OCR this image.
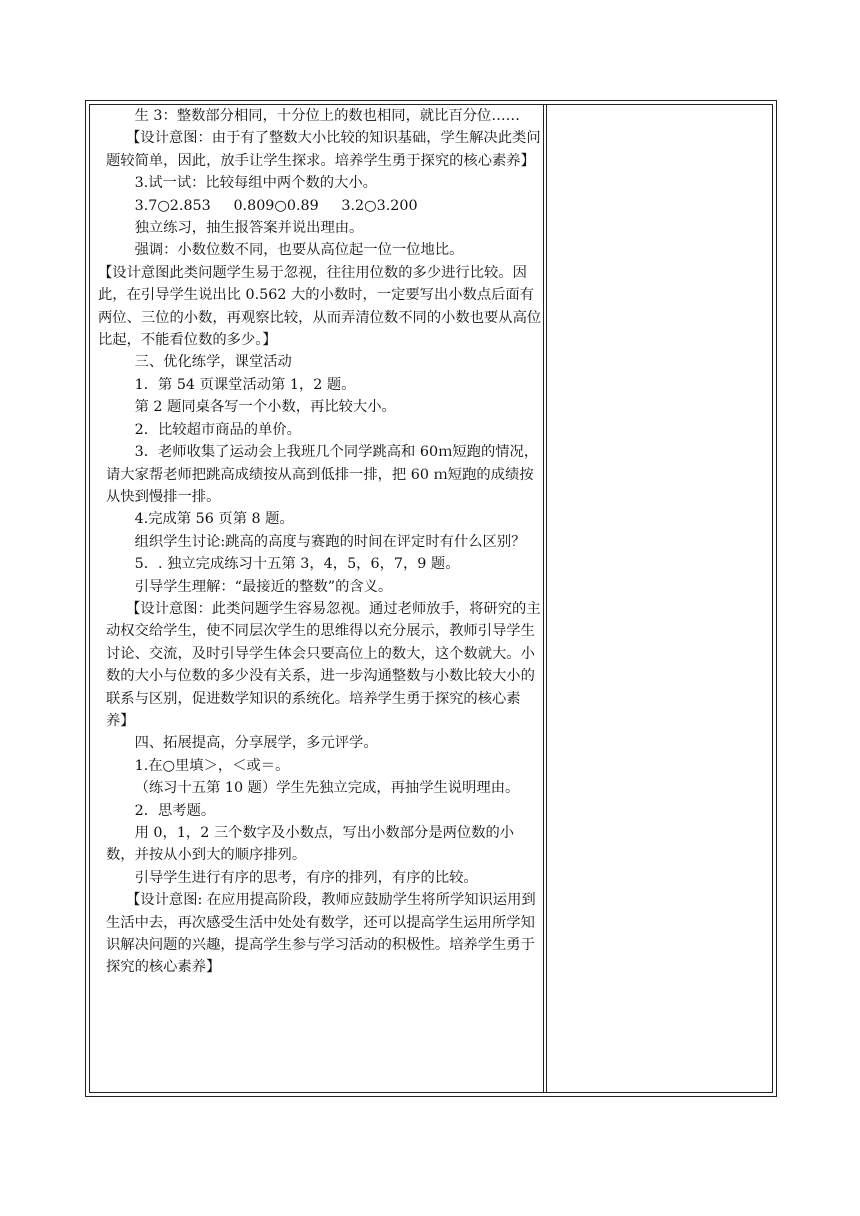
生 3：整数部分相同，十分位上的数也相同，就比百分位……
【设计意图：由于有了整数大小比较的知识基础，学生解决此类问题较简单，因此，放手让学生探求。培养学生勇于探究的核心素养】
3.试一试：比较每组中两个数的大小。
3.7○2.853     0.809○0.89     3.2○3.200
独立练习，抽生报答案并说出理由。
强调：小数位数不同，也要从高位起一位一位地比。
【设计意图此类问题学生易于忽视，往往用位数的多少进行比较。因此，在引导学生说出比 0.562 大的小数时，一定要写出小数点后面有两位、三位的小数，再观察比较，从而弄清位数不同的小数也要从高位比起，不能看位数的多少。】
三、优化练学，课堂活动
1．第 54 页课堂活动第 1，2 题。
第 2 题同桌各写一个小数，再比较大小。
2．比较超市商品的单价。
3．老师收集了运动会上我班几个同学跳高和 60ｍ短跑的情况，请大家帮老师把跳高成绩按从高到低排一排，把 60 ｍ短跑的成绩按从快到慢排一排。
4.完成第 56 页第 8 题。
组织学生讨论:跳高的高度与赛跑的时间在评定时有什么区别？
5．. 独立完成练习十五第 3，4，5，6，7，9 题。
引导学生理解：“最接近的整数”的含义。
【设计意图：此类问题学生容易忽视。通过老师放手，将研究的主动权交给学生，使不同层次学生的思维得以充分展示，教师引导学生讨论、交流，及时引导学生体会只要高位上的数大，这个数就大。小数的大小与位数的多少没有关系，进一步沟通整数与小数比较大小的联系与区别，促进数学知识的系统化。培养学生勇于探究的核心素养】
四、拓展提高，分享展学，多元评学。
1.在○里填＞，＜或＝。
（练习十五第 10 题）学生先独立完成，再抽学生说明理由。
2．思考题。
用 0，1，2 三个数字及小数点，写出小数部分是两位数的小数，并按从小到大的顺序排列。
引导学生进行有序的思考，有序的排列，有序的比较。
【设计意图: 在应用提高阶段，教师应鼓励学生将所学知识运用到生活中去，再次感受生活中处处有数学，还可以提高学生运用所学知识解决问题的兴趣，提高学生参与学习活动的积极性。培养学生勇于探究的核心素养】
